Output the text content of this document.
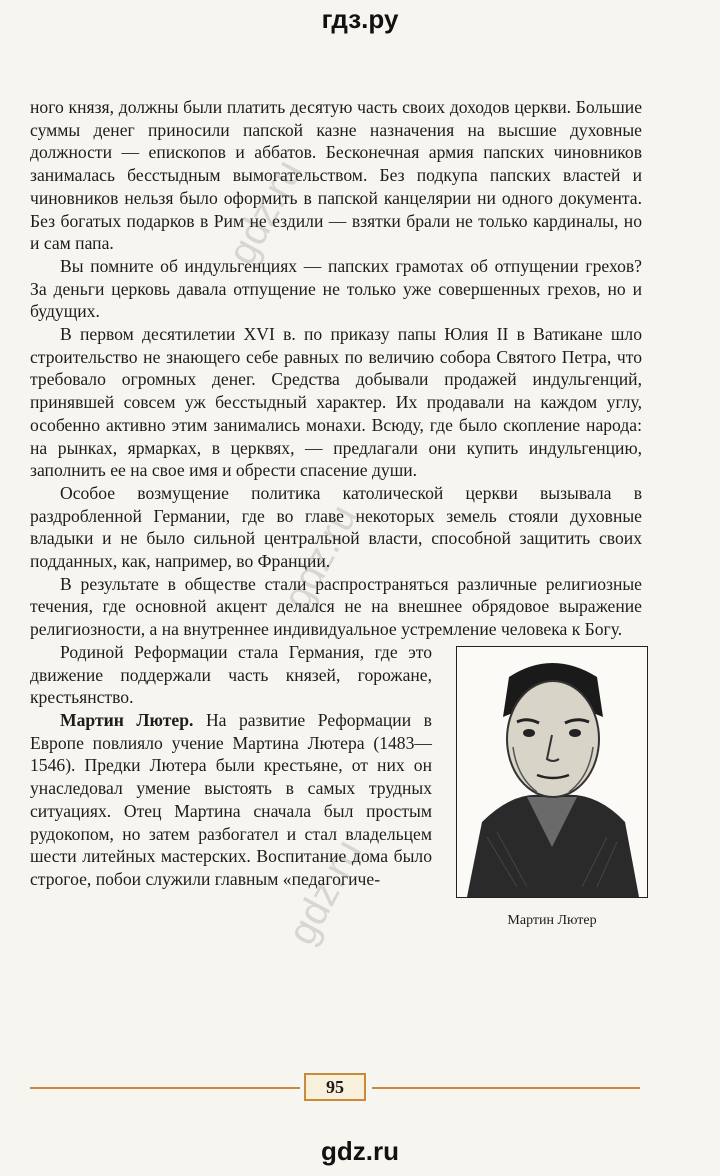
гдз.ру

ного князя, должны были платить десятую часть своих доходов церкви. Большие суммы денег приносили папской казне назначения на высшие духовные должности — епископов и аббатов. Бесконечная армия папских чиновников занималась бесстыдным вымогательством. Без подкупа папских властей и чиновников нельзя было оформить в папской канцелярии ни одного документа. Без богатых подарков в Рим не ездили — взятки брали не только кардиналы, но и сам папа.

Вы помните об индульгенциях — папских грамотах об отпущении грехов? За деньги церковь давала отпущение не только уже совершенных грехов, но и будущих.

В первом десятилетии XVI в. по приказу папы Юлия II в Ватикане шло строительство не знающего себе равных по величию собора Святого Петра, что требовало огромных денег. Средства добывали продажей индульгенций, принявшей совсем уж бесстыдный характер. Их продавали на каждом углу, особенно активно этим занимались монахи. Всюду, где было скопление народа: на рынках, ярмарках, в церквях, — предлагали они купить индульгенцию, заполнить ее на свое имя и обрести спасение души.

Особое возмущение политика католической церкви вызывала в раздробленной Германии, где во главе некоторых земель стояли духовные владыки и не было сильной центральной власти, способной защитить своих подданных, как, например, во Франции.

В результате в обществе стали распространяться различные религиозные течения, где основной акцент делался не на внешнее обрядовое выражение религиозности, а на внутреннее индивидуальное устремление человека к Богу.

Мартин Лютер

Родиной Реформации стала Германия, где это движение поддержали часть князей, горожане, крестьянство.

Мартин Лютер. На развитие Реформации в Европе повлияло учение Мартина Лютера (1483—1546). Предки Лютера были крестьяне, от них он унаследовал умение выстоять в самых трудных ситуациях. Отец Мартина сначала был простым рудокопом, но затем разбогател и стал владельцем шести литейных мастерских. Воспитание дома было строгое, побои служили главным «педагогиче-

gdz.ru
gdz.ru
gdz.ru
95
gdz.ru
